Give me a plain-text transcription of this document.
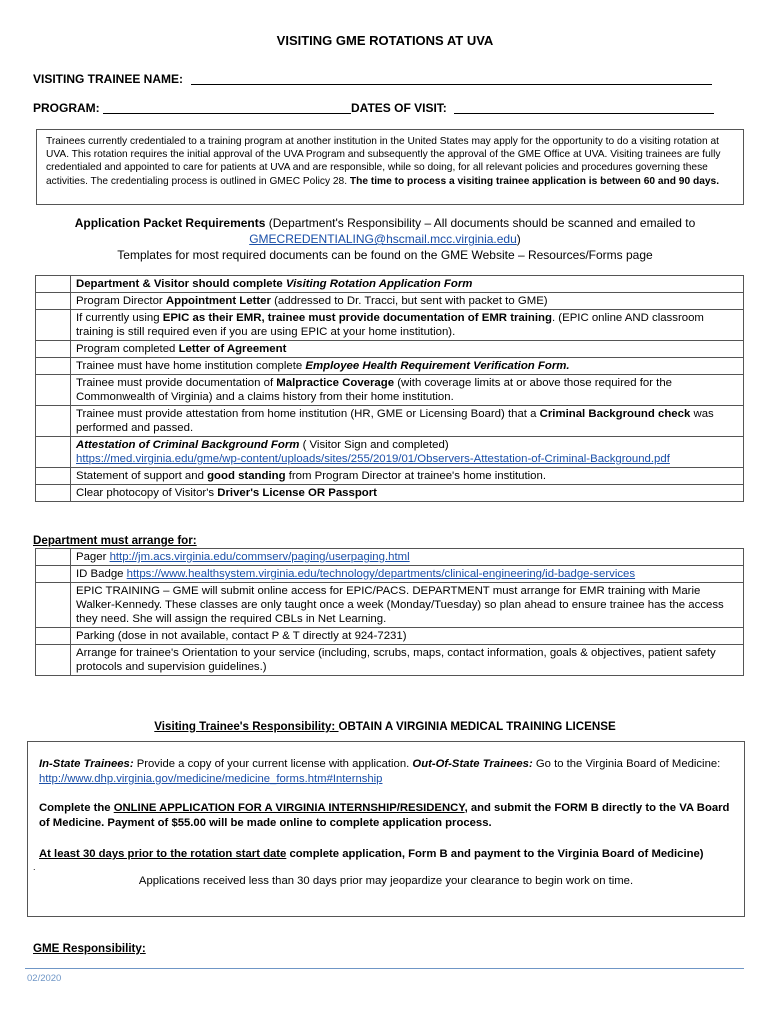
VISITING GME ROTATIONS AT UVA
VISITING TRAINEE NAME:
PROGRAM:	DATES OF VISIT:
Trainees currently credentialed to a training program at another institution in the United States may apply for the opportunity to do a visiting rotation at UVA. This rotation requires the initial approval of the UVA Program and subsequently the approval of the GME Office at UVA. Visiting trainees are fully credentialed and appointed to care for patients at UVA and are responsible, while so doing, for all relevant policies and procedures governing these activities. The credentialing process is outlined in GMEC Policy 28. The time to process a visiting trainee application is between 60 and 90 days.
Application Packet Requirements (Department's Responsibility – All documents should be scanned and emailed to
GMECREDENTIALING@hscmail.mcc.virginia.edu)
Templates for most required documents can be found on the GME Website – Resources/Forms page
	Department & Visitor should complete Visiting Rotation Application Form
	Program Director Appointment Letter (addressed to Dr. Tracci, but sent with packet to GME)
	If currently using EPIC as their EMR, trainee must provide documentation of EMR training. (EPIC online AND classroom training is still required even if you are using EPIC at your home institution).
	Program completed Letter of Agreement
	Trainee must have home institution complete Employee Health Requirement Verification Form.
	Trainee must provide documentation of Malpractice Coverage (with coverage limits at or above those required for the Commonwealth of Virginia) and a claims history from their home institution.
	Trainee must provide attestation from home institution (HR, GME or Licensing Board) that a Criminal Background check was performed and passed.
	Attestation of Criminal Background Form ( Visitor Sign and completed)
https://med.virginia.edu/gme/wp-content/uploads/sites/255/2019/01/Observers-Attestation-of-Criminal-Background.pdf
	Statement of support and good standing from Program Director at trainee's home institution.
	Clear photocopy of Visitor's Driver's License OR Passport
Department must arrange for:
	Pager http://jm.acs.virginia.edu/commserv/paging/userpaging.html
	ID Badge https://www.healthsystem.virginia.edu/technology/departments/clinical-engineering/id-badge-services
	EPIC TRAINING – GME will submit online access for EPIC/PACS. DEPARTMENT must arrange for EMR training with Marie Walker-Kennedy. These classes are only taught once a week (Monday/Tuesday) so plan ahead to ensure trainee has the access they need. She will assign the required CBLs in Net Learning.
	Parking (dose in not available, contact P & T directly at 924-7231)
	Arrange for trainee's Orientation to your service (including, scrubs, maps, contact information, goals & objectives, patient safety protocols and supervision guidelines.)
Visiting Trainee's Responsibility: OBTAIN A VIRGINIA MEDICAL TRAINING LICENSE

In-State Trainees: Provide a copy of your current license with application. Out-Of-State Trainees: Go to the Virginia Board of Medicine: http://www.dhp.virginia.gov/medicine/medicine_forms.htm#Internship

Complete the ONLINE APPLICATION FOR A VIRGINIA INTERNSHIP/RESIDENCY, and submit the FORM B directly to the VA Board of Medicine. Payment of $55.00 will be made online to complete application process.

At least 30 days prior to the rotation start date complete application, Form B and payment to the Virginia Board of Medicine)

.

Applications received less than 30 days prior may jeopardize your clearance to begin work on time.

GME Responsibility:
02/2020
